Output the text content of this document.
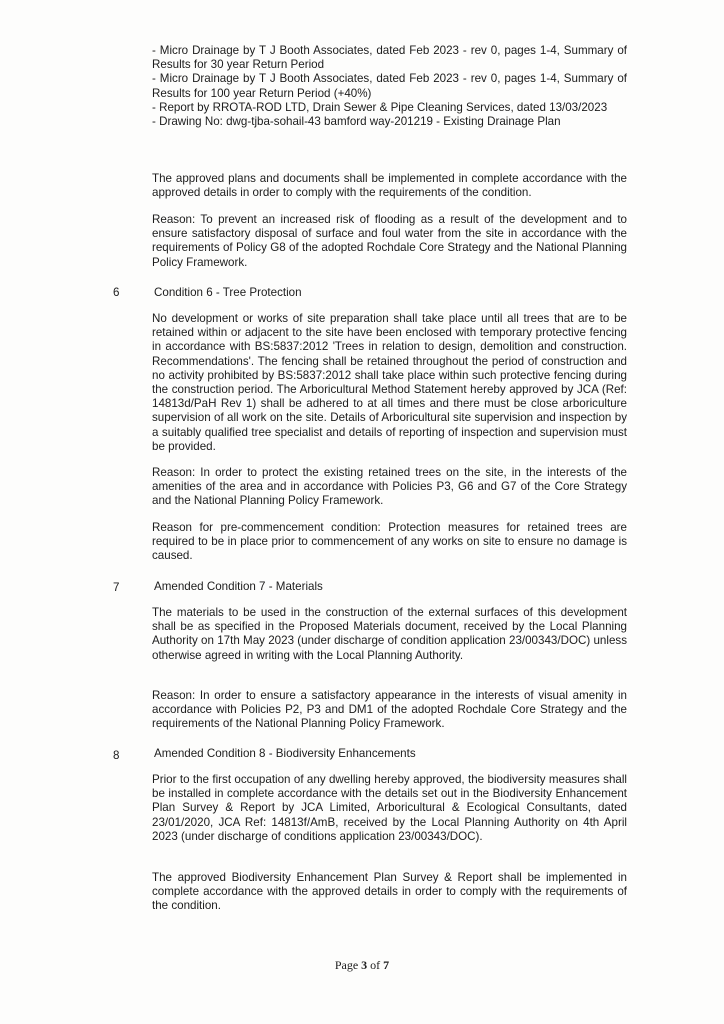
- Micro Drainage by T J Booth Associates, dated Feb 2023 - rev 0, pages 1-4, Summary of Results for 30 year Return Period

- Micro Drainage by T J Booth Associates, dated Feb 2023 - rev 0, pages 1-4, Summary of Results for 100 year Return Period (+40%)

- Report by RROTA-ROD LTD, Drain Sewer & Pipe Cleaning Services, dated 13/03/2023

- Drawing No: dwg-tjba-sohail-43 bamford way-201219 - Existing Drainage Plan

The approved plans and documents shall be implemented in complete accordance with the approved details in order to comply with the requirements of the condition.

Reason: To prevent an increased risk of flooding as a result of the development and to ensure satisfactory disposal of surface and foul water from the site in accordance with the requirements of Policy G8 of the adopted Rochdale Core Strategy and the National Planning Policy Framework.

6	Condition 6 - Tree Protection

No development or works of site preparation shall take place until all trees that are to be retained within or adjacent to the site have been enclosed with temporary protective fencing in accordance with BS:5837:2012 'Trees in relation to design, demolition and construction. Recommendations'. The fencing shall be retained throughout the period of construction and no activity prohibited by BS:5837:2012 shall take place within such protective fencing during the construction period. The Arboricultural Method Statement hereby approved by JCA (Ref: 14813d/PaH Rev 1) shall be adhered to at all times and there must be close arboriculture supervision of all work on the site. Details of Arboricultural site supervision and inspection by a suitably qualified tree specialist and details of reporting of inspection and supervision must be provided.

Reason: In order to protect the existing retained trees on the site, in the interests of the amenities of the area and in accordance with Policies P3, G6 and G7 of the Core Strategy and the National Planning Policy Framework.

Reason for pre-commencement condition: Protection measures for retained trees are required to be in place prior to commencement of any works on site to ensure no damage is caused.

7	Amended Condition 7 - Materials

The materials to be used in the construction of the external surfaces of this development shall be as specified in the Proposed Materials document, received by the Local Planning Authority on 17th May 2023 (under discharge of condition application 23/00343/DOC) unless otherwise agreed in writing with the Local Planning Authority.

Reason: In order to ensure a satisfactory appearance in the interests of visual amenity in accordance with Policies P2, P3 and DM1 of the adopted Rochdale Core Strategy and the requirements of the National Planning Policy Framework.

8	Amended Condition 8 - Biodiversity Enhancements

Prior to the first occupation of any dwelling hereby approved, the biodiversity measures shall be installed in complete accordance with the details set out in the Biodiversity Enhancement Plan Survey & Report by JCA Limited, Arboricultural & Ecological Consultants, dated 23/01/2020, JCA Ref: 14813f/AmB, received by the Local Planning Authority on 4th April 2023 (under discharge of conditions application 23/00343/DOC).

The approved Biodiversity Enhancement Plan Survey & Report shall be implemented in complete accordance with the approved details in order to comply with the requirements of the condition.

Page 3 of 7
